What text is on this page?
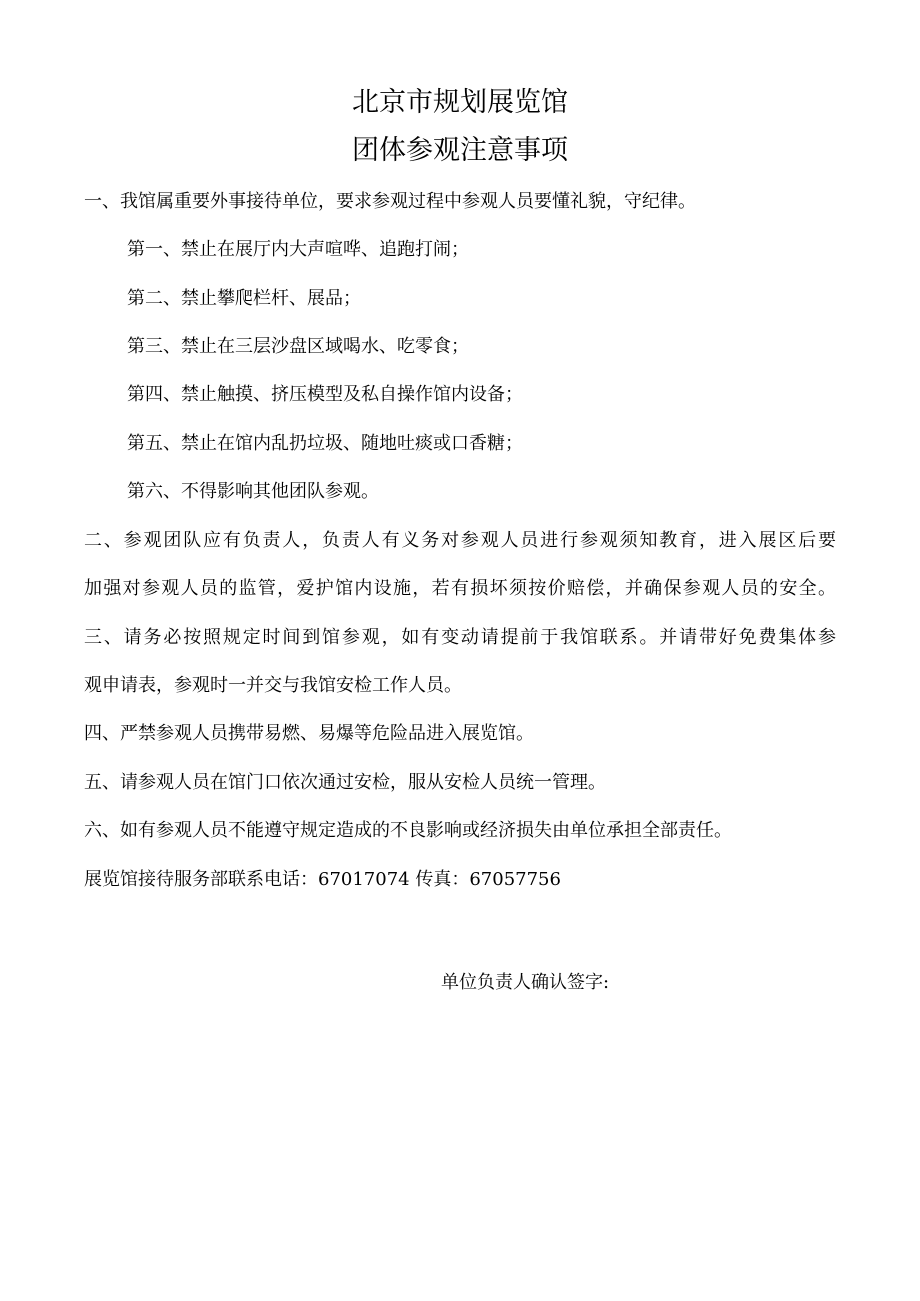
北京市规划展览馆
团体参观注意事项
一、我馆属重要外事接待单位，要求参观过程中参观人员要懂礼貌，守纪律。
第一、禁止在展厅内大声喧哗、追跑打闹；
第二、禁止攀爬栏杆、展品；
第三、禁止在三层沙盘区域喝水、吃零食；
第四、禁止触摸、挤压模型及私自操作馆内设备；
第五、禁止在馆内乱扔垃圾、随地吐痰或口香糖；
第六、不得影响其他团队参观。
二、参观团队应有负责人，负责人有义务对参观人员进行参观须知教育，进入展区后要
加强对参观人员的监管，爱护馆内设施，若有损坏须按价赔偿，并确保参观人员的安全。
三、请务必按照规定时间到馆参观，如有变动请提前于我馆联系。并请带好免费集体参
观申请表，参观时一并交与我馆安检工作人员。
四、严禁参观人员携带易燃、易爆等危险品进入展览馆。
五、请参观人员在馆门口依次通过安检，服从安检人员统一管理。
六、如有参观人员不能遵守规定造成的不良影响或经济损失由单位承担全部责任。
展览馆接待服务部联系电话：67017074 传真：67057756
单位负责人确认签字:
